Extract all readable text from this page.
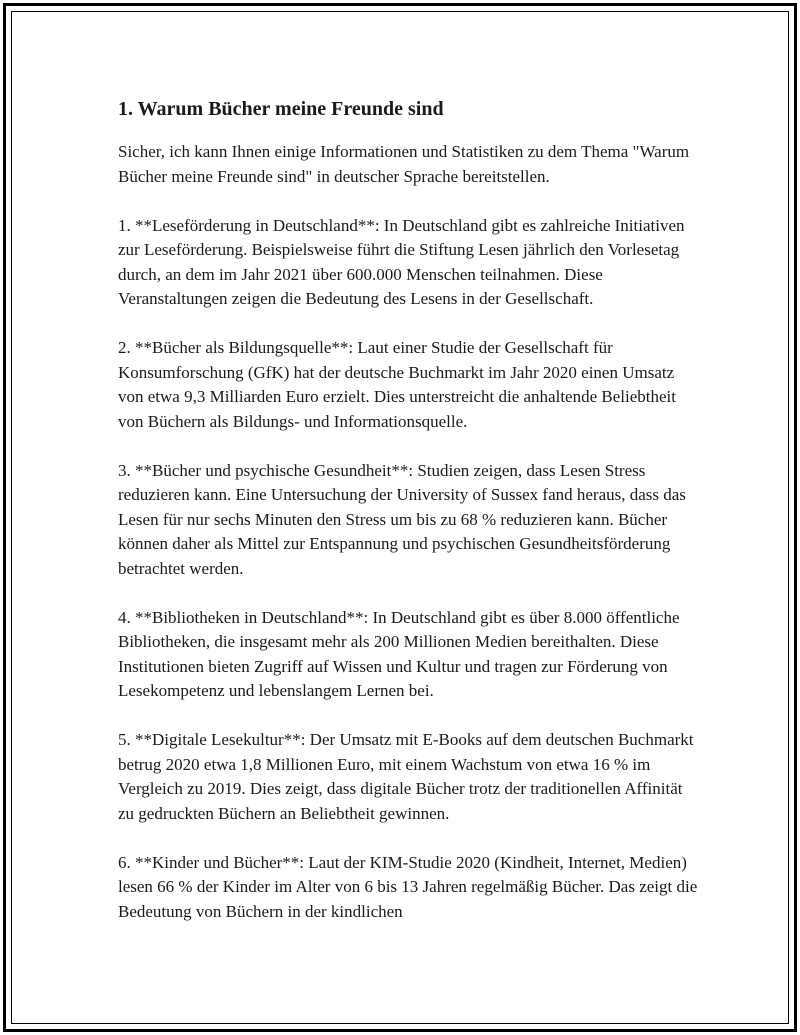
1. Warum Bücher meine Freunde sind

Sicher, ich kann Ihnen einige Informationen und Statistiken zu dem Thema "Warum Bücher meine Freunde sind" in deutscher Sprache bereitstellen.

1. **Leseförderung in Deutschland**: In Deutschland gibt es zahlreiche Initiativen zur Leseförderung. Beispielsweise führt die Stiftung Lesen jährlich den Vorlesetag durch, an dem im Jahr 2021 über 600.000 Menschen teilnahmen. Diese Veranstaltungen zeigen die Bedeutung des Lesens in der Gesellschaft.

2. **Bücher als Bildungsquelle**: Laut einer Studie der Gesellschaft für Konsumforschung (GfK) hat der deutsche Buchmarkt im Jahr 2020 einen Umsatz von etwa 9,3 Milliarden Euro erzielt. Dies unterstreicht die anhaltende Beliebtheit von Büchern als Bildungs- und Informationsquelle.

3. **Bücher und psychische Gesundheit**: Studien zeigen, dass Lesen Stress reduzieren kann. Eine Untersuchung der University of Sussex fand heraus, dass das Lesen für nur sechs Minuten den Stress um bis zu 68 % reduzieren kann. Bücher können daher als Mittel zur Entspannung und psychischen Gesundheitsförderung betrachtet werden.

4. **Bibliotheken in Deutschland**: In Deutschland gibt es über 8.000 öffentliche Bibliotheken, die insgesamt mehr als 200 Millionen Medien bereithalten. Diese Institutionen bieten Zugriff auf Wissen und Kultur und tragen zur Förderung von Lesekompetenz und lebenslangem Lernen bei.

5. **Digitale Lesekultur**: Der Umsatz mit E-Books auf dem deutschen Buchmarkt betrug 2020 etwa 1,8 Millionen Euro, mit einem Wachstum von etwa 16 % im Vergleich zu 2019. Dies zeigt, dass digitale Bücher trotz der traditionellen Affinität zu gedruckten Büchern an Beliebtheit gewinnen.

6. **Kinder und Bücher**: Laut der KIM-Studie 2020 (Kindheit, Internet, Medien) lesen 66 % der Kinder im Alter von 6 bis 13 Jahren regelmäßig Bücher. Das zeigt die Bedeutung von Büchern in der kindlichen
